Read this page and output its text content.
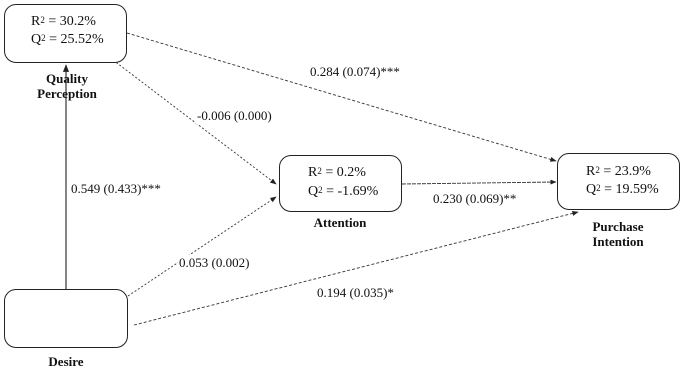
$R^2 = 30.2\%$
$Q^2 = 25.52\%$
Quality
Perception
$R^2 = 0.2\%$
$Q^2 = -1.69\%$
Attention
$R^2 = 23.9\%$
$Q^2 = 19.59\%$
Purchase
Intention
Desire
0.549 (0.433)***
-0.006 (0.000)
0.284 (0.074)***
0.053 (0.002)
0.230 (0.069)**
0.194 (0.035)*
